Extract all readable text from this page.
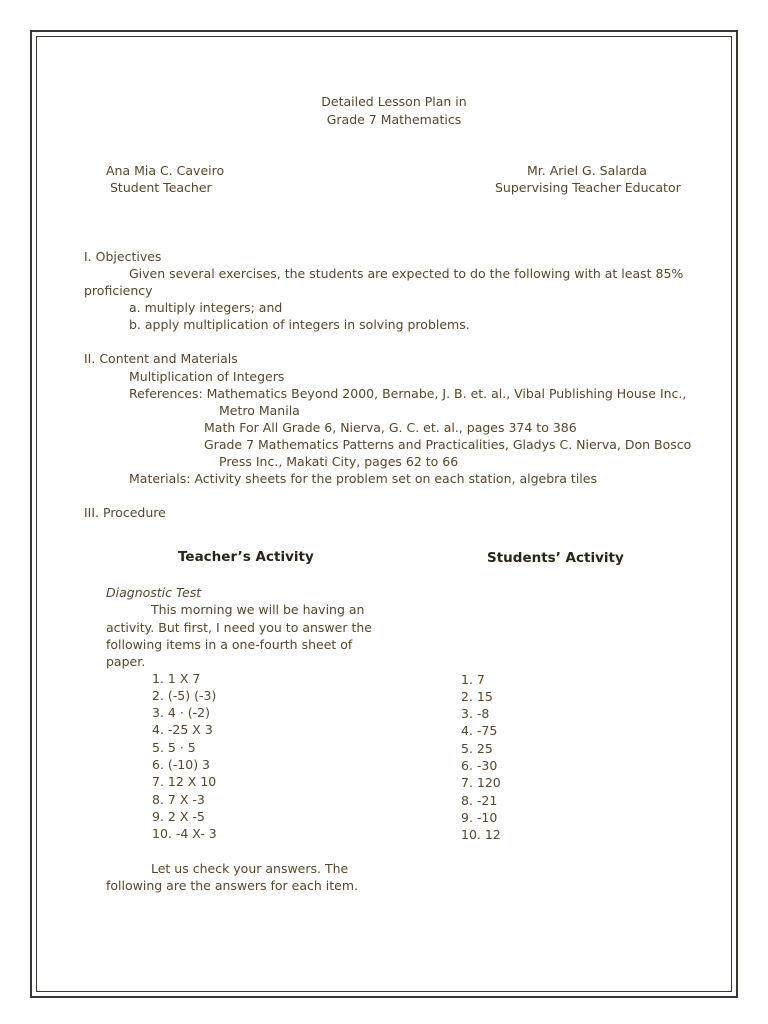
Detailed Lesson Plan in
Grade 7 Mathematics
Ana Mia C. Caveiro
Student Teacher
Mr. Ariel G. Salarda
Supervising Teacher Educator
I. Objectives
Given several exercises, the students are expected to do the following with at least 85%
proficiency
a. multiply integers; and
b. apply multiplication of integers in solving problems.
II. Content and Materials
Multiplication of Integers
References: Mathematics Beyond 2000, Bernabe, J. B. et. al., Vibal Publishing House Inc.,
Metro Manila
Math For All Grade 6, Nierva, G. C. et. al., pages 374 to 386
Grade 7 Mathematics Patterns and Practicalities, Gladys C. Nierva, Don Bosco
Press Inc., Makati City, pages 62 to 66
Materials: Activity sheets for the problem set on each station, algebra tiles
III. Procedure
Teacher’s Activity	Students’ Activity
Diagnostic Test
This morning we will be having an
activity. But first, I need you to answer the
following items in a one-fourth sheet of
paper.
1. 1 X 7
2. (-5) (-3)
3. 4 · (-2)
4. -25 X 3
5. 5 · 5
6. (-10) 3
7. 12 X 10
8. 7 X -3
9. 2 X -5
10. -4 X- 3
1. 7
2. 15
3. -8
4. -75
5. 25
6. -30
7. 120
8. -21
9. -10
10. 12
Let us check your answers. The
following are the answers for each item.
